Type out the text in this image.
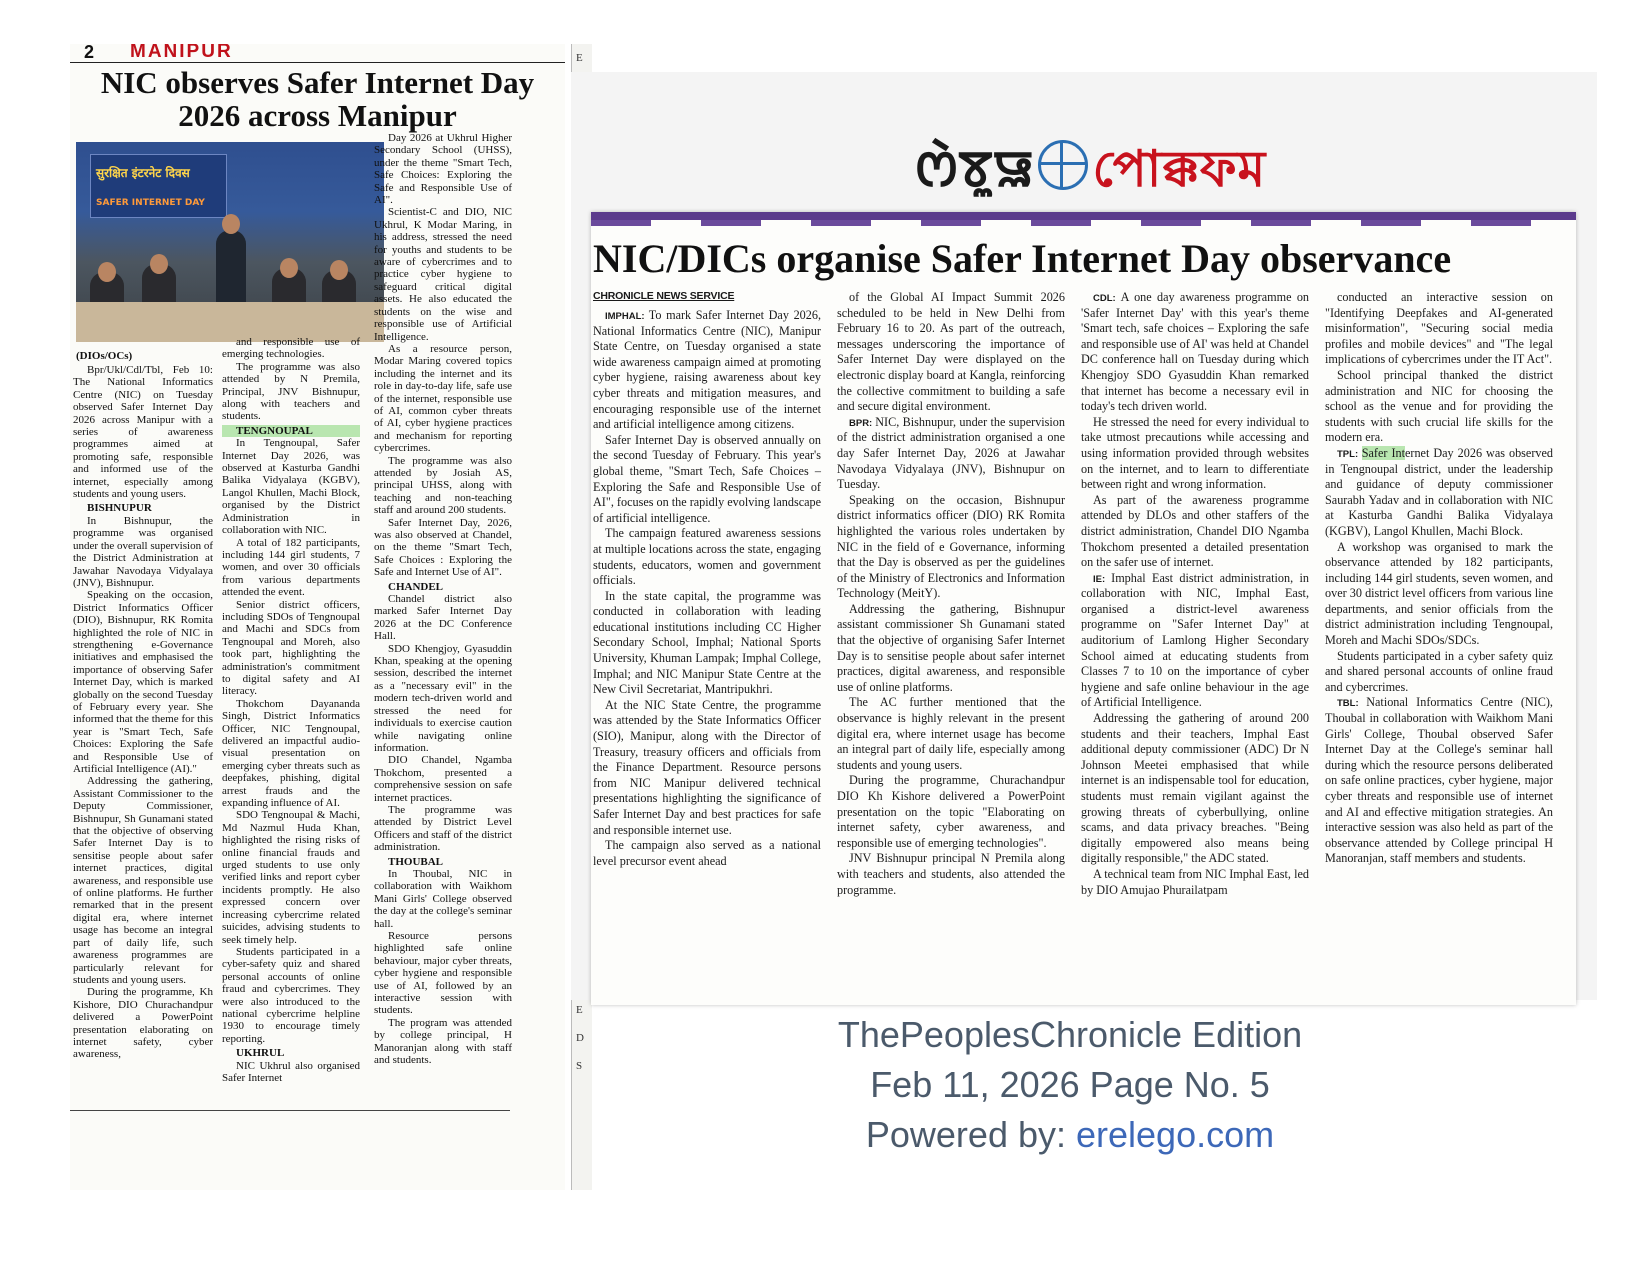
2 MANIPUR
NIC observes Safer Internet Day 2026 across Manipur
सुरक्षित इंटरनेट दिवस
SAFER INTERNET DAY
(DIOs/OCs)

Bpr/Ukl/Cdl/Tbl, Feb 10: The National Informatics Centre (NIC) on Tuesday observed Safer Internet Day 2026 across Manipur with a series of awareness programmes aimed at promoting safe, responsible and informed use of the internet, especially among students and young users.

BISHNUPUR

In Bishnupur, the programme was organised under the overall supervision of the District Administration at Jawahar Navodaya Vidyalaya (JNV), Bishnupur.

Speaking on the occasion, District Informatics Officer (DIO), Bishnupur, RK Romita highlighted the role of NIC in strengthening e-Governance initiatives and emphasised the importance of observing Safer Internet Day, which is marked globally on the second Tuesday of February every year. She informed that the theme for this year is "Smart Tech, Safe Choices: Exploring the Safe and Responsible Use of Artificial Intelligence (AI)."

Addressing the gathering, Assistant Commissioner to the Deputy Commissioner, Bishnupur, Sh Gunamani stated that the objective of observing Safer Internet Day is to sensitise people about safer internet practices, digital awareness, and responsible use of online platforms. He further remarked that in the present digital era, where internet usage has become an integral part of daily life, such awareness programmes are particularly relevant for students and young users.

During the programme, Kh Kishore, DIO Churachandpur delivered a PowerPoint presentation elaborating on internet safety, cyber awareness,

and responsible use of emerging technologies.

The programme was also attended by N Premila, Principal, JNV Bishnupur, along with teachers and students.

TENGNOUPAL

In Tengnoupal, Safer Internet Day 2026, was observed at Kasturba Gandhi Balika Vidyalaya (KGBV), Langol Khullen, Machi Block, organised by the District Administration in collaboration with NIC.

A total of 182 participants, including 144 girl students, 7 women, and over 30 officials from various departments attended the event.

Senior district officers, including SDOs of Tengnoupal and Machi and SDCs from Tengnoupal and Moreh, also took part, highlighting the administration's commitment to digital safety and AI literacy.

Thokchom Dayananda Singh, District Informatics Officer, NIC Tengnoupal, delivered an impactful audio-visual presentation on emerging cyber threats such as deepfakes, phishing, digital arrest frauds and the expanding influence of AI.

SDO Tengnoupal & Machi, Md Nazmul Huda Khan, highlighted the rising risks of online financial frauds and urged students to use only verified links and report cyber incidents promptly. He also expressed concern over increasing cybercrime related suicides, advising students to seek timely help.

Students participated in a cyber-safety quiz and shared personal accounts of online fraud and cybercrimes. They were also introduced to the national cybercrime helpline 1930 to encourage timely reporting.

UKHRUL

NIC Ukhrul also organised Safer Internet

Day 2026 at Ukhrul Higher Secondary School (UHSS), under the theme "Smart Tech, Safe Choices: Exploring the Safe and Responsible Use of AI".

Scientist-C and DIO, NIC Ukhrul, K Modar Maring, in his address, stressed the need for youths and students to be aware of cybercrimes and to practice cyber hygiene to safeguard critical digital assets. He also educated the students on the wise and responsible use of Artificial Intelligence.

As a resource person, Modar Maring covered topics including the internet and its role in day-to-day life, safe use of the internet, responsible use of AI, common cyber threats of AI, cyber hygiene practices and mechanism for reporting cybercrimes.

The programme was also attended by Josiah AS, principal UHSS, along with teaching and non-teaching staff and around 200 students.

Safer Internet Day, 2026, was also observed at Chandel, on the theme "Smart Tech, Safe Choices : Exploring the Safe and Internet Use of AI".

CHANDEL

Chandel district also marked Safer Internet Day 2026 at the DC Conference Hall.

SDO Khengjoy, Gyasuddin Khan, speaking at the opening session, described the internet as a "necessary evil" in the modern tech-driven world and stressed the need for individuals to exercise caution while navigating online information.

DIO Chandel, Ngamba Thokchom, presented a comprehensive session on safe internet practices.

The programme was attended by District Level Officers and staff of the district administration.

THOUBAL

In Thoubal, NIC in collaboration with Waikhom Mani Girls' College observed the day at the college's seminar hall.

Resource persons highlighted safe online behaviour, major cyber threats, cyber hygiene and responsible use of AI, followed by an interactive session with students.

The program was attended by college principal, H Manoranjan along with staff and students.

E
E
D
S
ꯁꯥꯕꯨꯎ পোক্কফম
NIC/DICs organise Safer Internet Day observance

CHRONICLE NEWS SERVICE

IMPHAL: To mark Safer Internet Day 2026, National Informatics Centre (NIC), Manipur State Centre, on Tuesday organised a state wide awareness campaign aimed at promoting cyber hygiene, raising awareness about key cyber threats and mitigation measures, and encouraging responsible use of the internet and artificial intelligence among citizens.

Safer Internet Day is observed annually on the second Tuesday of February. This year's global theme, "Smart Tech, Safe Choices – Exploring the Safe and Responsible Use of AI", focuses on the rapidly evolving landscape of artificial intelligence.

The campaign featured awareness sessions at multiple locations across the state, engaging students, educators, women and government officials.

In the state capital, the programme was conducted in collaboration with leading educational institutions including CC Higher Secondary School, Imphal; National Sports University, Khuman Lampak; Imphal College, Imphal; and NIC Manipur State Centre at the New Civil Secretariat, Mantripukhri.

At the NIC State Centre, the programme was attended by the State Informatics Officer (SIO), Manipur, along with the Director of Treasury, treasury officers and officials from the Finance Department. Resource persons from NIC Manipur delivered technical presentations highlighting the significance of Safer Internet Day and best practices for safe and responsible internet use.

The campaign also served as a national level precursor event ahead

of the Global AI Impact Summit 2026 scheduled to be held in New Delhi from February 16 to 20. As part of the outreach, messages underscoring the importance of Safer Internet Day were displayed on the electronic display board at Kangla, reinforcing the collective commitment to building a safe and secure digital environment.

BPR: NIC, Bishnupur, under the supervision of the district administration organised a one day Safer Internet Day, 2026 at Jawahar Navodaya Vidyalaya (JNV), Bishnupur on Tuesday.

Speaking on the occasion, Bishnupur district informatics officer (DIO) RK Romita highlighted the various roles undertaken by NIC in the field of e Governance, informing that the Day is observed as per the guidelines of the Ministry of Electronics and Information Technology (MeitY).

Addressing the gathering, Bishnupur assistant commissioner Sh Gunamani stated that the objective of organising Safer Internet Day is to sensitise people about safer internet practices, digital awareness, and responsible use of online platforms.

The AC further mentioned that the observance is highly relevant in the present digital era, where internet usage has become an integral part of daily life, especially among students and young users.

During the programme, Churachandpur DIO Kh Kishore delivered a PowerPoint presentation on the topic "Elaborating on internet safety, cyber awareness, and responsible use of emerging technologies".

JNV Bishnupur principal N Premila along with teachers and students, also attended the programme.

CDL: A one day awareness programme on 'Safer Internet Day' with this year's theme 'Smart tech, safe choices – Exploring the safe and responsible use of AI' was held at Chandel DC conference hall on Tuesday during which Khengjoy SDO Gyasuddin Khan remarked that internet has become a necessary evil in today's tech driven world.

He stressed the need for every individual to take utmost precautions while accessing and using information provided through websites on the internet, and to learn to differentiate between right and wrong information.

As part of the awareness programme attended by DLOs and other staffers of the district administration, Chandel DIO Ngamba Thokchom presented a detailed presentation on the safer use of internet.

IE: Imphal East district administration, in collaboration with NIC, Imphal East, organised a district-level awareness programme on "Safer Internet Day" at auditorium of Lamlong Higher Secondary School aimed at educating students from Classes 7 to 10 on the importance of cyber hygiene and safe online behaviour in the age of Artificial Intelligence.

Addressing the gathering of around 200 students and their teachers, Imphal East additional deputy commissioner (ADC) Dr N Johnson Meetei emphasised that while internet is an indispensable tool for education, students must remain vigilant against the growing threats of cyberbullying, online scams, and data privacy breaches. "Being digitally empowered also means being digitally responsible," the ADC stated.

A technical team from NIC Imphal East, led by DIO Amujao Phurailatpam

conducted an interactive session on "Identifying Deepfakes and AI-generated misinformation", "Securing social media profiles and mobile devices" and "The legal implications of cybercrimes under the IT Act".

School principal thanked the district administration and NIC for choosing the school as the venue and for providing the students with such crucial life skills for the modern era.

TPL: Safer Internet Day 2026 was observed in Tengnoupal district, under the leadership and guidance of deputy commissioner Saurabh Yadav and in collaboration with NIC at Kasturba Gandhi Balika Vidyalaya (KGBV), Langol Khullen, Machi Block.

A workshop was organised to mark the observance attended by 182 participants, including 144 girl students, seven women, and over 30 district level officers from various line departments, and senior officials from the district administration including Tengnoupal, Moreh and Machi SDOs/SDCs.

Students participated in a cyber safety quiz and shared personal accounts of online fraud and cybercrimes.

TBL: National Informatics Centre (NIC), Thoubal in collaboration with Waikhom Mani Girls' College, Thoubal observed Safer Internet Day at the College's seminar hall during which the resource persons deliberated on safe online practices, cyber hygiene, major cyber threats and responsible use of internet and AI and effective mitigation strategies. An interactive session was also held as part of the observance attended by College principal H Manoranjan, staff members and students.

ThePeoplesChronicle Edition
Feb 11, 2026 Page No. 5
Powered by: erelego.com
